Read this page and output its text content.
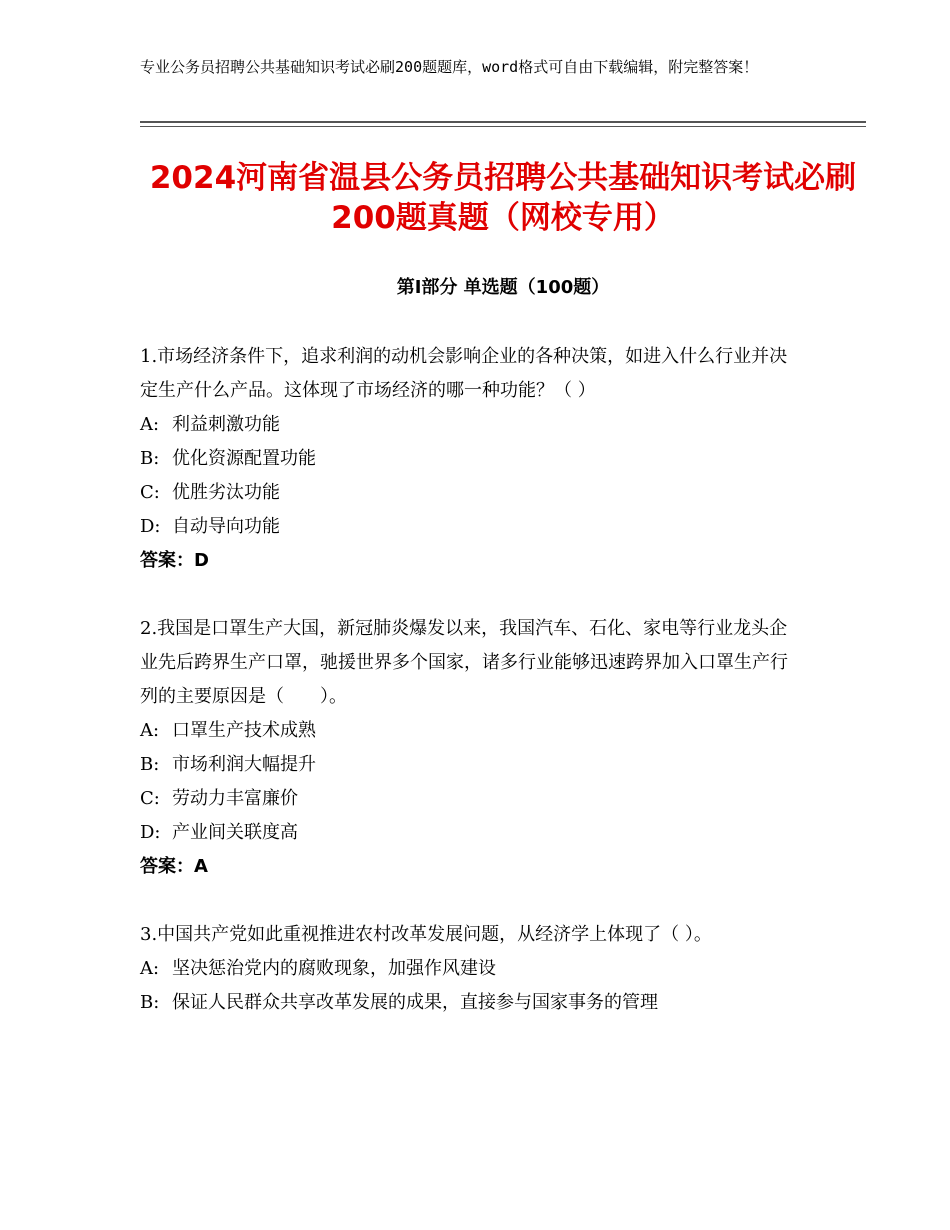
专业公务员招聘公共基础知识考试必刷200题题库，word格式可自由下载编辑，附完整答案！
2024河南省温县公务员招聘公共基础知识考试必刷200题真题（网校专用）
第Ⅰ部分 单选题（100题）
1.市场经济条件下，追求利润的动机会影响企业的各种决策，如进入什么行业并决定生产什么产品。这体现了市场经济的哪一种功能？（ ）
A: 利益刺激功能
B: 优化资源配置功能
C: 优胜劣汰功能
D: 自动导向功能
答案：D
2.我国是口罩生产大国，新冠肺炎爆发以来，我国汽车、石化、家电等行业龙头企业先后跨界生产口罩，驰援世界多个国家，诸多行业能够迅速跨界加入口罩生产行列的主要原因是（　　）。
A: 口罩生产技术成熟
B: 市场利润大幅提升
C: 劳动力丰富廉价
D: 产业间关联度高
答案：A
3.中国共产党如此重视推进农村改革发展问题，从经济学上体现了（ ）。
A: 坚决惩治党内的腐败现象，加强作风建设
B: 保证人民群众共享改革发展的成果，直接参与国家事务的管理
